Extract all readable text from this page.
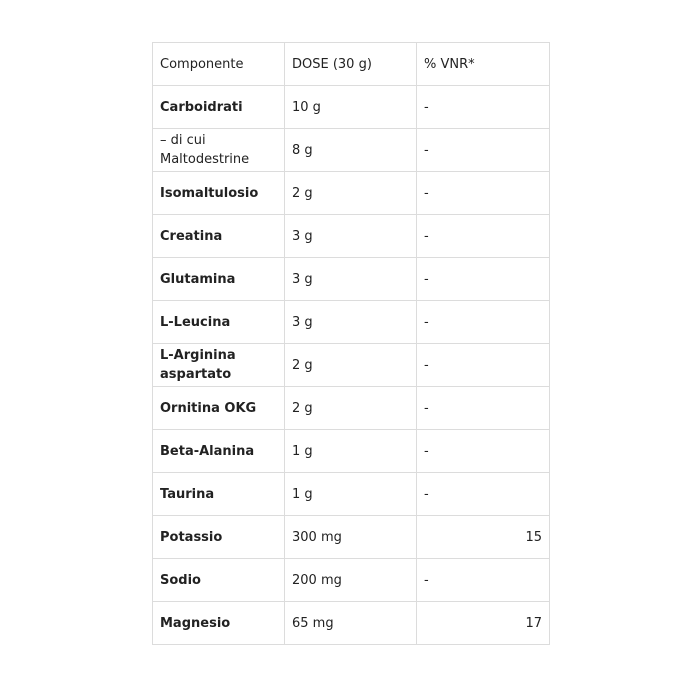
Componente	DOSE (30 g)	% VNR*
Carboidrati	10 g	-
– di cui Maltodestrine	8 g	-
Isomaltulosio	2 g	-
Creatina	3 g	-
Glutamina	3 g	-
L-Leucina	3 g	-
L-Arginina aspartato	2 g	-
Ornitina OKG	2 g	-
Beta-Alanina	1 g	-
Taurina	1 g	-
Potassio	300 mg	15
Sodio	200 mg	-
Magnesio	65 mg	17
